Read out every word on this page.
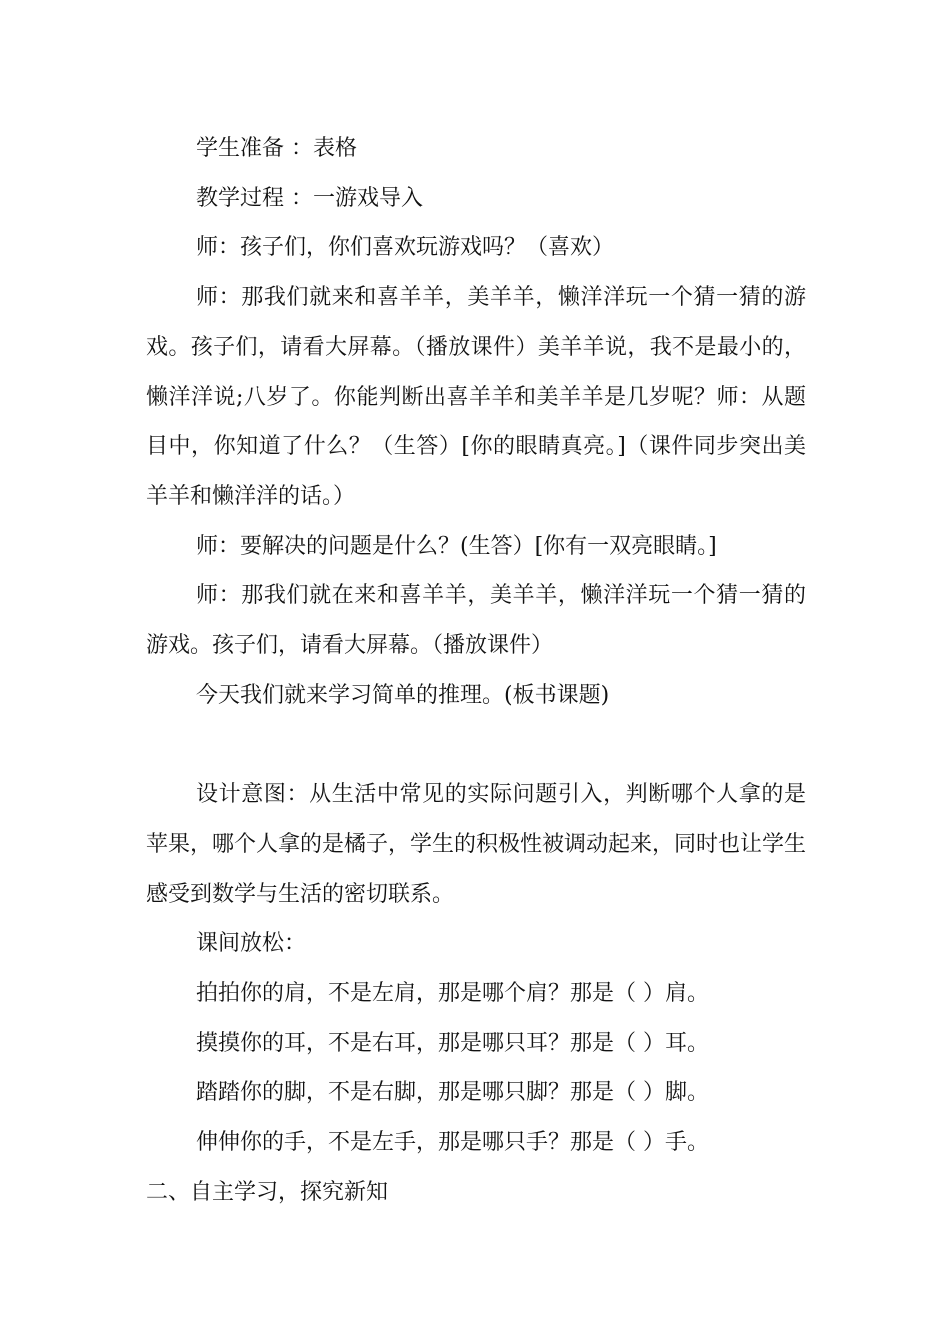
学生准备 ：表格

教学过程 ：一游戏导入

师：孩子们，你们喜欢玩游戏吗？（喜欢）

师：那我们就来和喜羊羊，美羊羊，懒洋洋玩一个猜一猜的游戏。孩子们，请看大屏幕。（播放课件）美羊羊说，我不是最小的，懒洋洋说;八岁了。你能判断出喜羊羊和美羊羊是几岁呢？师：从题目中，你知道了什么？（生答）[你的眼睛真亮。]（课件同步突出美羊羊和懒洋洋的话。）

师：要解决的问题是什么？(生答）[你有一双亮眼睛。]

师：那我们就在来和喜羊羊，美羊羊，懒洋洋玩一个猜一猜的游戏。孩子们，请看大屏幕。（播放课件）

今天我们就来学习简单的推理。(板书课题)

设计意图：从生活中常见的实际问题引入，判断哪个人拿的是苹果，哪个人拿的是橘子，学生的积极性被调动起来，同时也让学生感受到数学与生活的密切联系。

课间放松：

拍拍你的肩，不是左肩，那是哪个肩？那是（ ）肩。

摸摸你的耳，不是右耳，那是哪只耳？那是（ ）耳。

踏踏你的脚，不是右脚，那是哪只脚？那是（ ）脚。

伸伸你的手，不是左手，那是哪只手？那是（ ）手。

二、自主学习，探究新知
